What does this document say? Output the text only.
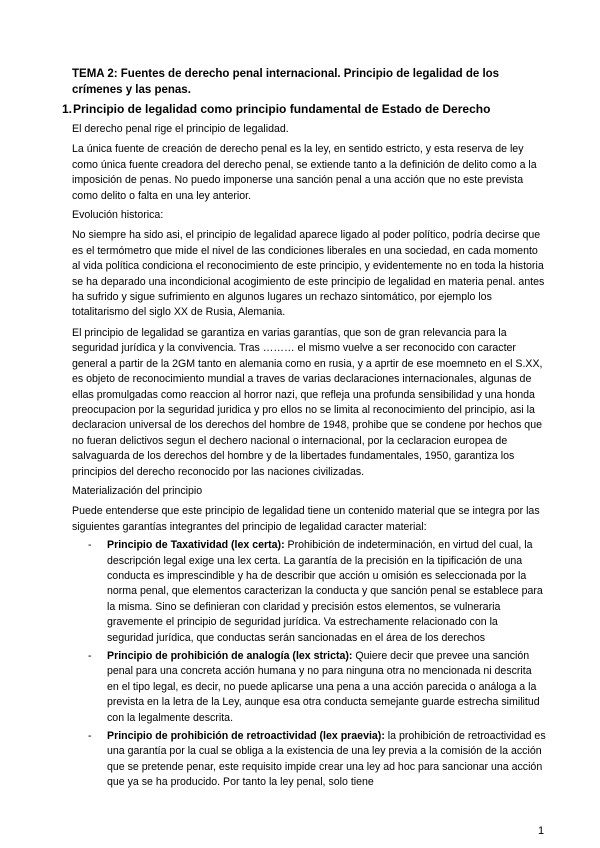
TEMA 2: Fuentes de derecho penal internacional. Principio de legalidad de los crímenes y las penas.
1. Principio de legalidad como principio fundamental de Estado de Derecho

El derecho penal rige el principio de legalidad.

La única fuente de creación de derecho penal es la ley, en sentido estricto, y esta reserva de ley como única fuente creadora del derecho penal, se extiende tanto a la definición de delito como a la imposición de penas. No puedo imponerse una sanción penal a una acción que no este prevista como delito o falta en una ley anterior.

Evolución historica:

No siempre ha sido asi, el principio de legalidad aparece ligado al poder político, podría decirse que es el termómetro que mide el nivel de las condiciones liberales en una sociedad, en cada momento al vida política condiciona el reconocimiento de este principio, y evidentemente no en toda la historia se ha deparado una incondicional acogimiento de este principio de legalidad en materia penal. antes ha sufrido y sigue sufrimiento en algunos lugares un rechazo sintomático, por ejemplo los totalitarismo del siglo XX de Rusia, Alemania.

El principio de legalidad se garantiza en varias garantías, que son de gran relevancia para la seguridad jurídica y la convivencia. Tras ……… el mismo vuelve a ser reconocido con caracter general a partir de la 2GM tanto en alemania como en rusia, y a aprtir de ese moemneto en el S.XX, es objeto de reconocimiento mundial a traves de varias declaraciones internacionales, algunas de ellas promulgadas como reaccion al horror nazi, que refleja una profunda sensibilidad y una honda preocupacion por la seguridad juridica y pro ellos no se limita al reconocimiento del principio, asi la declaracion universal de los derechos del hombre de 1948, prohibe que se condene por hechos que no fueran delictivos segun el dechero nacional o internacional, por la ceclaracion europea de salvaguarda de los derechos del hombre y de la libertades fundamentales, 1950, garantiza los principios del derecho reconocido por las naciones civilizadas.

Materialización del principio

Puede entenderse que este principio de legalidad tiene un contenido material que se integra por las siguientes garantías integrantes del principio de legalidad caracter material:

- Principio de Taxatividad (lex certa): Prohibición de indeterminación, en virtud del cual, la descripción legal exige una lex certa. La garantía de la precisión en la tipificación de una conducta es imprescindible y ha de describir que acción u omisión es seleccionada por la norma penal, que elementos caracterizan la conducta y que sanción penal se establece para la misma. Sino se definieran con claridad y precisión estos elementos, se vulneraria gravemente el principio de seguridad jurídica. Va estrechamente relacionado con la seguridad jurídica, que conductas serán sancionadas en el área de los derechos
- Principio de prohibición de analogía (lex stricta): Quiere decir que prevee una sanción penal para una concreta acción humana y no para ninguna otra no mencionada ni descrita en el tipo legal, es decir, no puede aplicarse una pena a una acción parecida o análoga a la prevista en la letra de la Ley, aunque esa otra conducta semejante guarde estrecha similitud con la legalmente descrita.
- Principio de prohibición de retroactividad (lex praevia): la prohibición de retroactividad es una garantía por la cual se obliga a la existencia de una ley previa a la comisión de la acción que se pretende penar, este requisito impide crear una ley ad hoc para sancionar una acción que ya se ha producido. Por tanto la ley penal, solo tiene
1
